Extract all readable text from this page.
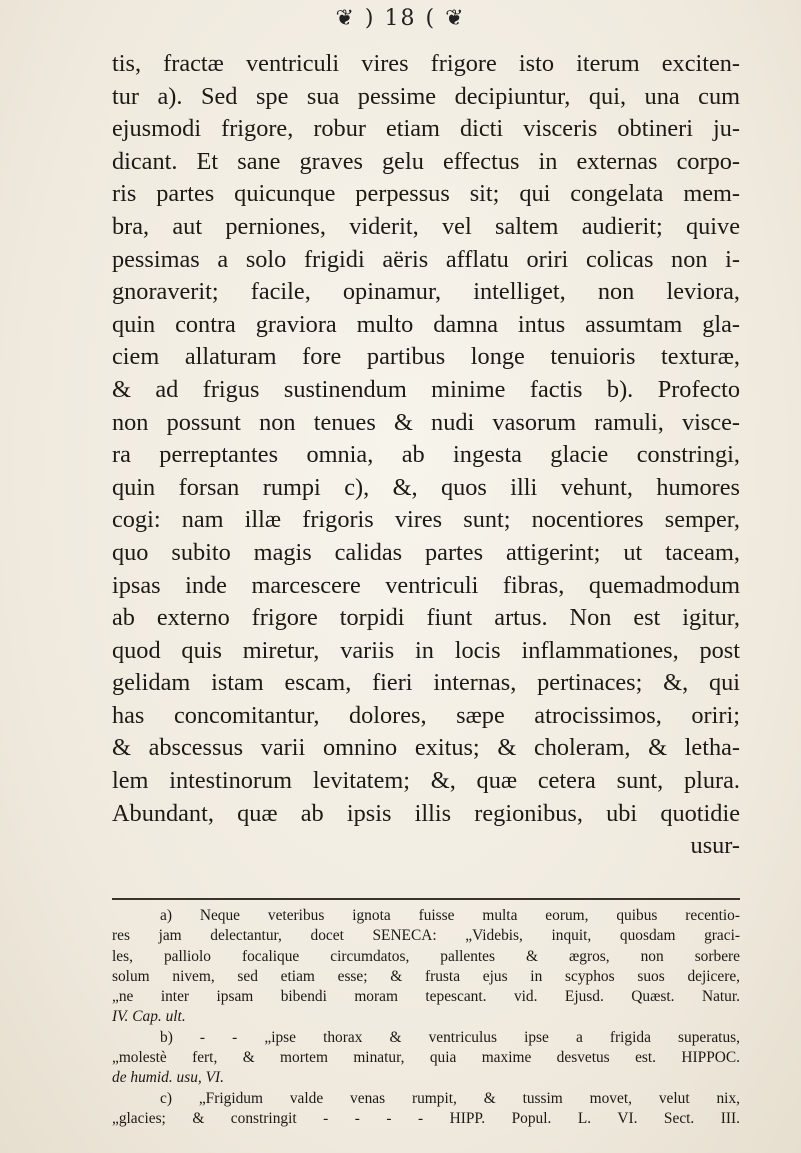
❦ ) 18 ( ❦
tis, fractæ ventriculi vires frigore isto iterum exciten-
tur a). Sed spe sua pessime decipiuntur, qui, una cum
ejusmodi frigore, robur etiam dicti visceris obtineri ju-
dicant. Et sane graves gelu effectus in externas corpo-
ris partes quicunque perpessus sit; qui congelata mem-
bra, aut perniones, viderit, vel saltem audierit; quive
pessimas a solo frigidi aëris afflatu oriri colicas non i-
gnoraverit; facile, opinamur, intelliget, non leviora,
quin contra graviora multo damna intus assumtam gla-
ciem allaturam fore partibus longe tenuioris texturæ,
& ad frigus sustinendum minime factis b). Profecto
non possunt non tenues & nudi vasorum ramuli, visce-
ra perreptantes omnia, ab ingesta glacie constringi,
quin forsan rumpi c), &, quos illi vehunt, humores
cogi: nam illæ frigoris vires sunt; nocentiores semper,
quo subito magis calidas partes attigerint; ut taceam,
ipsas inde marcescere ventriculi fibras, quemadmodum
ab externo frigore torpidi fiunt artus. Non est igitur,
quod quis miretur, variis in locis inflammationes, post
gelidam istam escam, fieri internas, pertinaces; &, qui
has concomitantur, dolores, sæpe atrocissimos, oriri;
& abscessus varii omnino exitus; & choleram, & letha-
lem intestinorum levitatem; &, quæ cetera sunt, plura.
Abundant, quæ ab ipsis illis regionibus, ubi quotidie
usur-
a) Neque veteribus ignota fuisse multa eorum, quibus recentio-
res jam delectantur, docet SENECA: „Videbis, inquit, quosdam graci-
les, palliolo focalique circumdatos, pallentes & ægros, non sorbere
solum nivem, sed etiam esse; & frusta ejus in scyphos suos dejicere,
„ne inter ipsam bibendi moram tepescant. vid. Ejusd. Quæst. Natur.
IV. Cap. ult.
b) - - „ipse thorax & ventriculus ipse a frigida superatus,
„molestè fert, & mortem minatur, quia maxime desvetus est. HIPPOC.
de humid. usu, VI.
c) „Frigidum valde venas rumpit, & tussim movet, velut nix,
„glacies; & constringit - - - - HIPP. Popul. L. VI. Sect. III.
